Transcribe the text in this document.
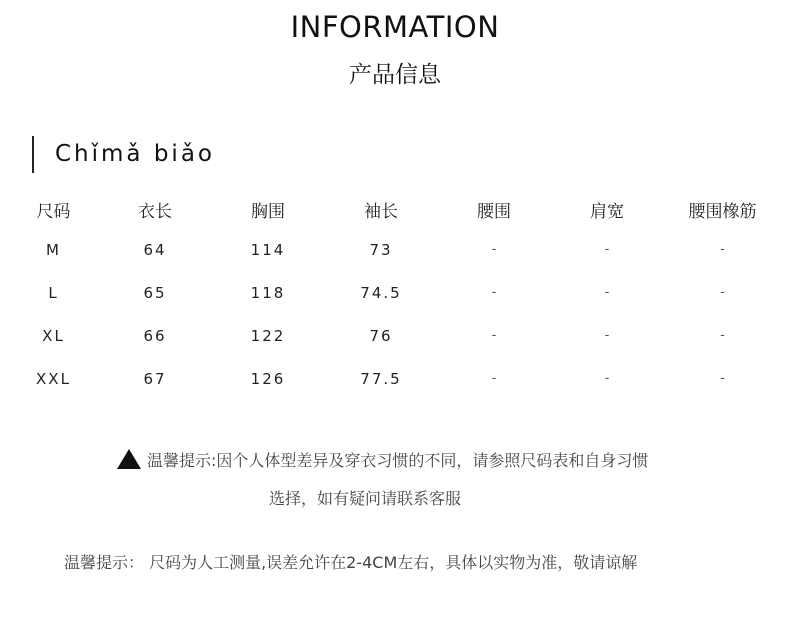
INFORMATION
产品信息
Chǐmǎ biǎo
尺码	衣长	胸围	袖长	腰围	肩宽	腰围橡筋
M	64	114	73	-	-	-
L	65	118	74.5	-	-	-
XL	66	122	76	-	-	-
XXL	67	126	77.5	-	-	-
温馨提示:因个人体型差异及穿衣习惯的不同，请参照尺码表和自身习惯
选择，如有疑问请联系客服
温馨提示： 尺码为人工测量,误差允许在2-4CM左右，具体以实物为准，敬请谅解
